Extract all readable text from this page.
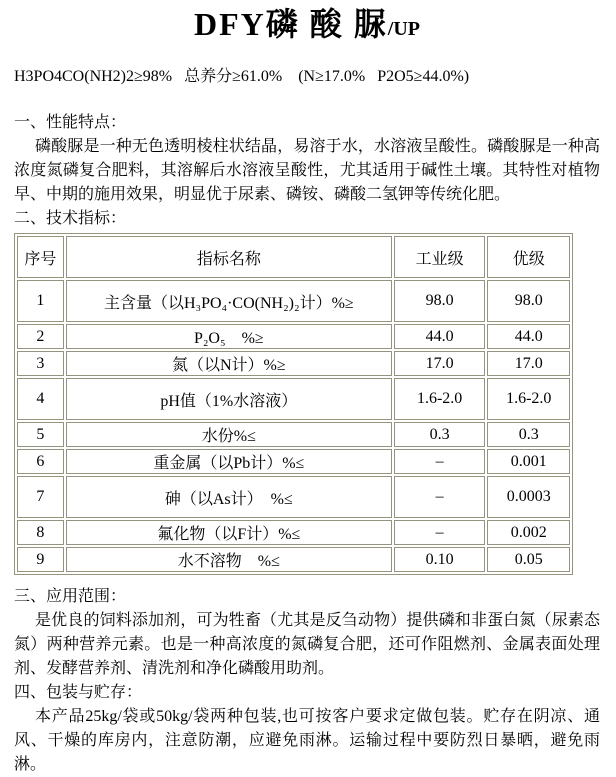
DFY磷 酸 脲/UP
H3PO4CO(NH2)2≥98%   总养分≥61.0%    (N≥17.0%   P2O5≥44.0%)
一、性能特点：

磷酸脲是一种无色透明棱柱状结晶，易溶于水，水溶液呈酸性。磷酸脲是一种高浓度氮磷复合肥料，其溶解后水溶液呈酸性，尤其适用于碱性土壤。其特性对植物早、中期的施用效果，明显优于尿素、磷铵、磷酸二氢钾等传统化肥。

二、技术指标：
序号	指标名称	工业级	优级
1	主含量（以H₃PO₄·CO(NH₂)₂计）%≥	98.0	98.0
2	P₂O₅　%≥	44.0	44.0
3	氮（以N计）%≥	17.0	17.0
4	pH值（1%水溶液）	1.6-2.0	1.6-2.0
5	水份%≤	0.3	0.3
6	重金属（以Pb计）%≤	–	0.001
7	砷（以As计）　%≤	–	0.0003
8	氟化物（以F计）%≤	–	0.002
9	水不溶物　%≤	0.10	0.05
三、应用范围：

是优良的饲料添加剂，可为牲畜（尤其是反刍动物）提供磷和非蛋白氮（尿素态氮）两种营养元素。也是一种高浓度的氮磷复合肥，还可作阻燃剂、金属表面处理剂、发酵营养剂、清洗剂和净化磷酸用助剂。

四、包装与贮存：

本产品25kg/袋或50kg/袋两种包装,也可按客户要求定做包装。贮存在阴凉、通风、干燥的库房内，注意防潮，应避免雨淋。运输过程中要防烈日暴晒，避免雨淋。
